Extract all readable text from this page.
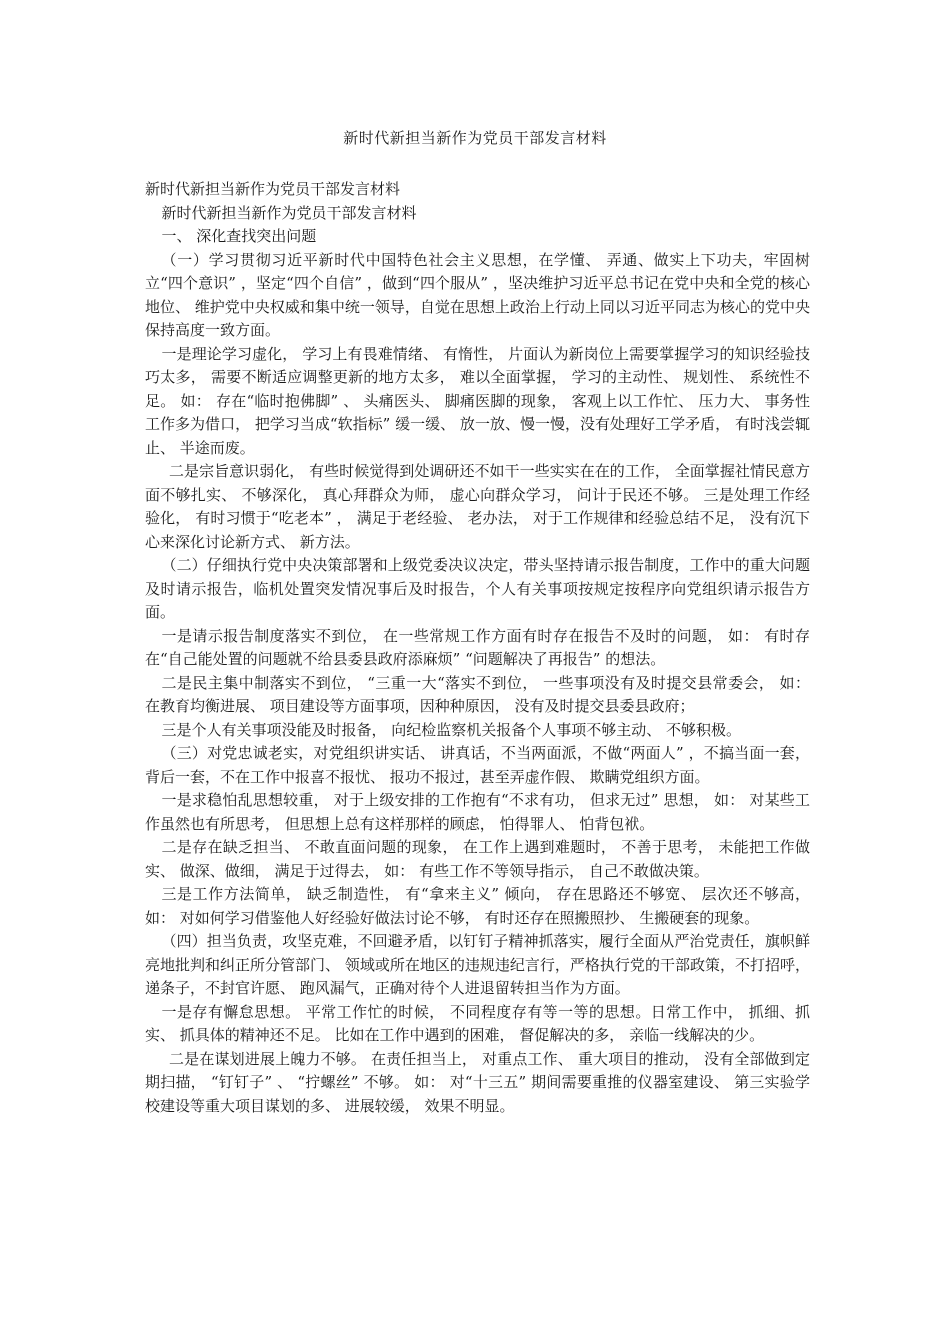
新时代新担当新作为党员干部发言材料

新时代新担当新作为党员干部发言材料

新时代新担当新作为党员干部发言材料

一、 深化查找突出问题

（一）学习贯彻习近平新时代中国特色社会主义思想，在学懂、 弄通、做实上下功夫，牢固树立“四个意识” ，坚定“四个自信” ，做到“四个服从” ，坚决维护习近平总书记在党中央和全党的核心地位、 维护党中央权威和集中统一领导，自觉在思想上政治上行动上同以习近平同志为核心的党中央保持高度一致方面。

一是理论学习虚化， 学习上有畏难情绪、 有惰性， 片面认为新岗位上需要掌握学习的知识经验技巧太多， 需要不断适应调整更新的地方太多， 难以全面掌握， 学习的主动性、 规划性、 系统性不足。 如： 存在“临时抱佛脚” 、 头痛医头、 脚痛医脚的现象， 客观上以工作忙、 压力大、 事务性工作多为借口， 把学习当成“软指标” 缓一缓、 放一放、慢一慢，没有处理好工学矛盾， 有时浅尝辄止、 半途而废。

二是宗旨意识弱化， 有些时候觉得到处调研还不如干一些实实在在的工作， 全面掌握社情民意方面不够扎实、 不够深化， 真心拜群众为师， 虚心向群众学习， 问计于民还不够。 三是处理工作经验化， 有时习惯于“吃老本” ， 满足于老经验、 老办法， 对于工作规律和经验总结不足， 没有沉下心来深化讨论新方式、 新方法。

（二）仔细执行党中央决策部署和上级党委决议决定，带头坚持请示报告制度，工作中的重大问题及时请示报告，临机处置突发情况事后及时报告，个人有关事项按规定按程序向党组织请示报告方面。

一是请示报告制度落实不到位， 在一些常规工作方面有时存在报告不及时的问题， 如： 有时存在“自己能处置的问题就不给县委县政府添麻烦” “问题解决了再报告” 的想法。

二是民主集中制落实不到位， “三重一大“落实不到位， 一些事项没有及时提交县常委会， 如： 在教育均衡进展、 项目建设等方面事项，因种种原因， 没有及时提交县委县政府；

三是个人有关事项没能及时报备， 向纪检监察机关报备个人事项不够主动、 不够积极。

（三）对党忠诚老实，对党组织讲实话、 讲真话，不当两面派，不做“两面人” ，不搞当面一套，背后一套，不在工作中报喜不报忧、 报功不报过，甚至弄虚作假、 欺瞒党组织方面。

一是求稳怕乱思想较重， 对于上级安排的工作抱有“不求有功， 但求无过” 思想， 如： 对某些工作虽然也有所思考， 但思想上总有这样那样的顾虑， 怕得罪人、 怕背包袱。

二是存在缺乏担当、 不敢直面问题的现象， 在工作上遇到难题时， 不善于思考， 未能把工作做实、 做深、做细， 满足于过得去， 如： 有些工作不等领导指示， 自己不敢做决策。

三是工作方法简单， 缺乏制造性， 有“拿来主义” 倾向， 存在思路还不够宽、 层次还不够高， 如： 对如何学习借鉴他人好经验好做法讨论不够， 有时还存在照搬照抄、 生搬硬套的现象。

（四）担当负责，攻坚克难，不回避矛盾，以钉钉子精神抓落实，履行全面从严治党责任，旗帜鲜亮地批判和纠正所分管部门、 领域或所在地区的违规违纪言行，严格执行党的干部政策，不打招呼，递条子，不封官许愿、 跑风漏气，正确对待个人进退留转担当作为方面。

一是存有懈怠思想。 平常工作忙的时候， 不同程度存有等一等的思想。日常工作中， 抓细、抓实、 抓具体的精神还不足。 比如在工作中遇到的困难， 督促解决的多， 亲临一线解决的少。

二是在谋划进展上魄力不够。 在责任担当上， 对重点工作、 重大项目的推动， 没有全部做到定期扫描， “钉钉子” 、 “拧螺丝” 不够。 如： 对“十三五” 期间需要重推的仪器室建设、 第三实验学校建设等重大项目谋划的多、 进展较缓， 效果不明显。
